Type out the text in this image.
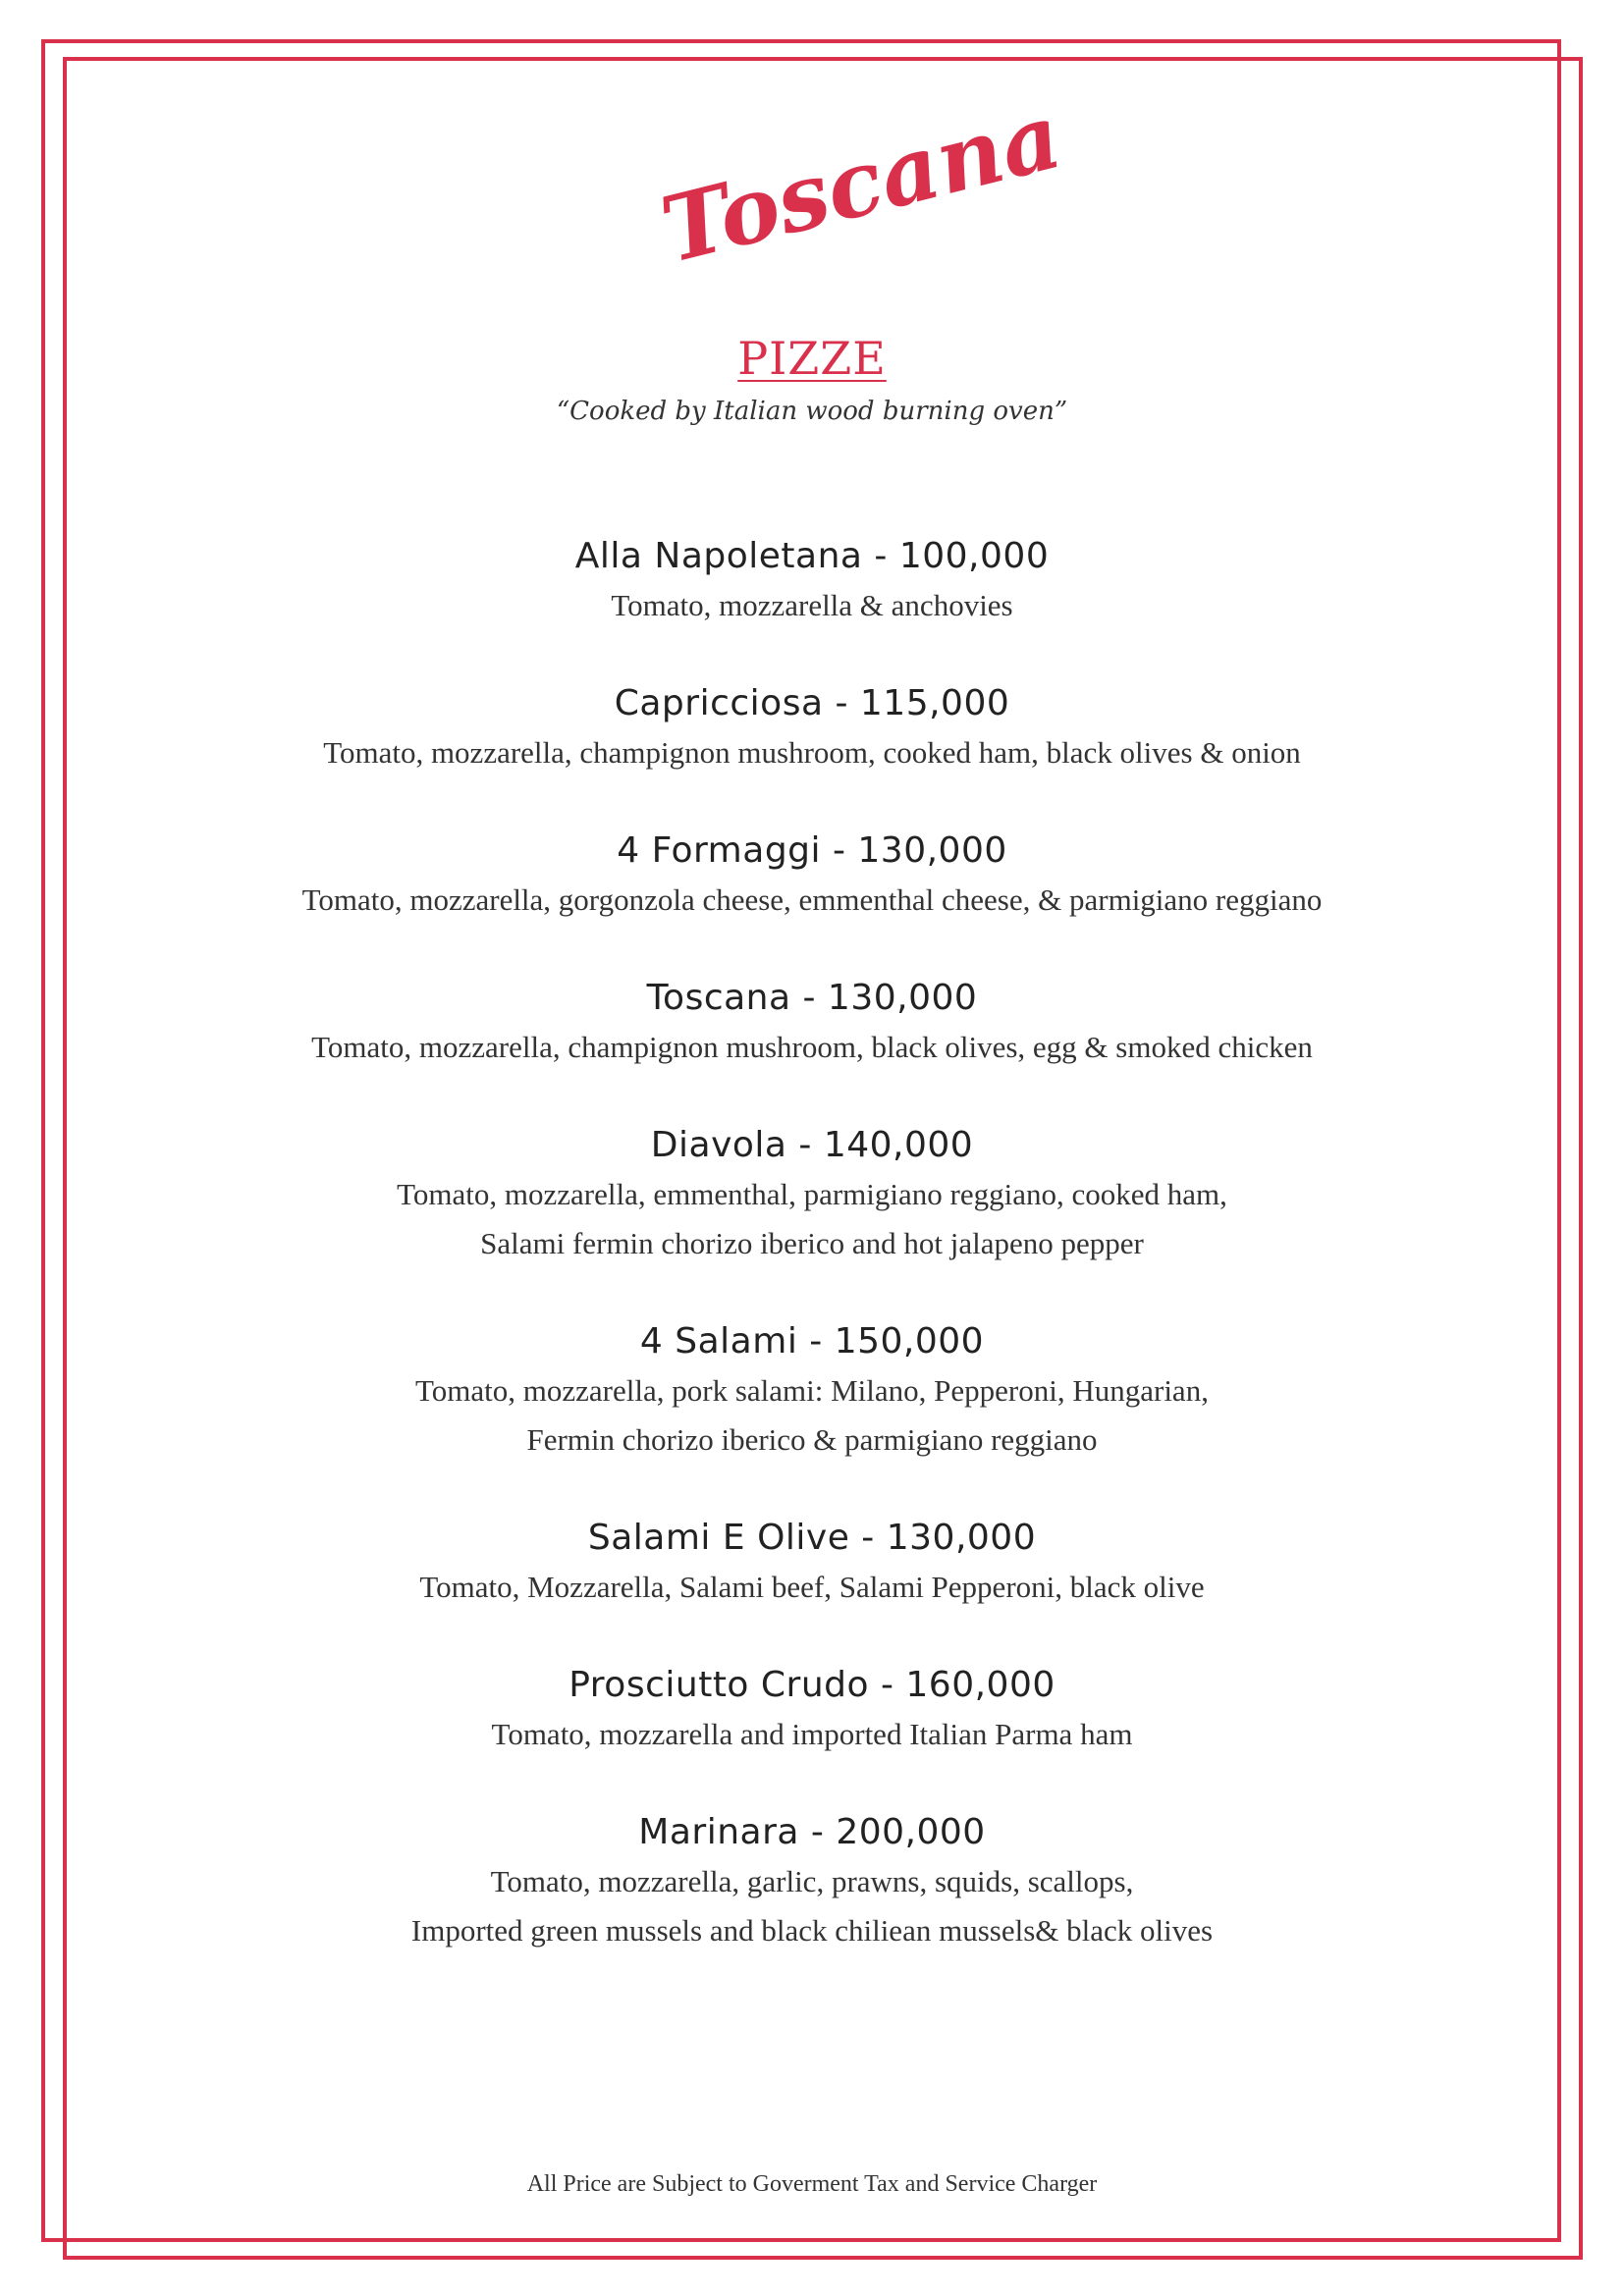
Toscana
PIZZE
“Cooked by Italian wood burning oven”
Alla Napoletana - 100,000
Tomato, mozzarella & anchovies
Capricciosa - 115,000
Tomato, mozzarella, champignon mushroom, cooked ham, black olives & onion
4 Formaggi - 130,000
Tomato, mozzarella, gorgonzola cheese, emmenthal cheese, & parmigiano reggiano
Toscana - 130,000
Tomato, mozzarella, champignon mushroom, black olives, egg & smoked chicken
Diavola - 140,000
Tomato, mozzarella, emmenthal, parmigiano reggiano, cooked ham,
Salami fermin chorizo iberico and hot jalapeno pepper
4 Salami - 150,000
Tomato, mozzarella, pork salami: Milano, Pepperoni, Hungarian,
Fermin chorizo iberico & parmigiano reggiano
Salami E Olive - 130,000
Tomato, Mozzarella, Salami beef, Salami Pepperoni, black olive
Prosciutto Crudo - 160,000
Tomato, mozzarella and imported Italian Parma ham
Marinara - 200,000
Tomato, mozzarella, garlic, prawns, squids, scallops,
Imported green mussels and black chiliean mussels& black olives
All Price are Subject to Goverment Tax and Service Charger
